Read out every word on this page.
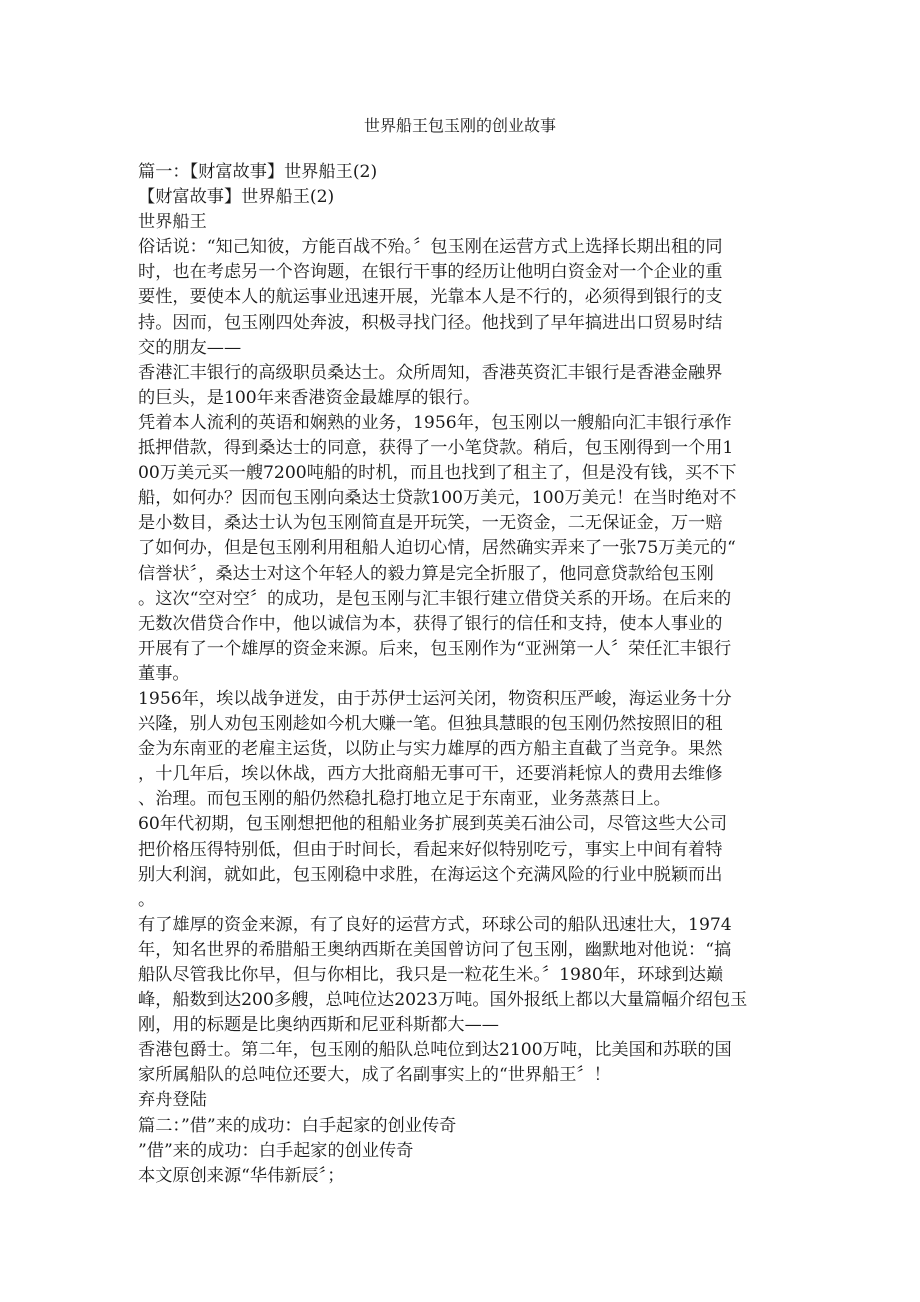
世界船王包玉刚的创业故事
篇一：【财富故事】世界船王(2)
【财富故事】世界船王(2)
世界船王
俗话说：“知己知彼，方能百战不殆。〞包玉刚在运营方式上选择长期出租的同
时，也在考虑另一个咨询题，在银行干事的经历让他明白资金对一个企业的重
要性，要使本人的航运事业迅速开展，光靠本人是不行的，必须得到银行的支
持。因而，包玉刚四处奔波，积极寻找门径。他找到了早年搞进出口贸易时结
交的朋友——
香港汇丰银行的高级职员桑达士。众所周知，香港英资汇丰银行是香港金融界
的巨头，是100年来香港资金最雄厚的银行。
凭着本人流利的英语和娴熟的业务，1956年，包玉刚以一艘船向汇丰银行承作
抵押借款，得到桑达士的同意，获得了一小笔贷款。稍后，包玉刚得到一个用1
00万美元买一艘7200吨船的时机，而且也找到了租主了，但是没有钱，买不下
船，如何办？因而包玉刚向桑达士贷款100万美元，100万美元！在当时绝对不
是小数目，桑达士认为包玉刚简直是开玩笑，一无资金，二无保证金，万一赔
了如何办，但是包玉刚利用租船人迫切心情，居然确实弄来了一张75万美元的“
信誉状〞，桑达士对这个年轻人的毅力算是完全折服了，他同意贷款给包玉刚
。这次“空对空〞的成功，是包玉刚与汇丰银行建立借贷关系的开场。在后来的
无数次借贷合作中，他以诚信为本，获得了银行的信任和支持，使本人事业的
开展有了一个雄厚的资金来源。后来，包玉刚作为“亚洲第一人〞荣任汇丰银行
董事。
1956年，埃以战争迸发，由于苏伊士运河关闭，物资积压严峻，海运业务十分
兴隆，别人劝包玉刚趁如今机大赚一笔。但独具慧眼的包玉刚仍然按照旧的租
金为东南亚的老雇主运货，以防止与实力雄厚的西方船主直截了当竞争。果然
，十几年后，埃以休战，西方大批商船无事可干，还要消耗惊人的费用去维修
、治理。而包玉刚的船仍然稳扎稳打地立足于东南亚，业务蒸蒸日上。
60年代初期，包玉刚想把他的租船业务扩展到英美石油公司，尽管这些大公司
把价格压得特别低，但由于时间长，看起来好似特别吃亏，事实上中间有着特
别大利润，就如此，包玉刚稳中求胜，在海运这个充满风险的行业中脱颖而出
。
有了雄厚的资金来源，有了良好的运营方式，环球公司的船队迅速壮大，1974
年，知名世界的希腊船王奥纳西斯在美国曾访问了包玉刚，幽默地对他说：“搞
船队尽管我比你早，但与你相比，我只是一粒花生米。〞1980年，环球到达巅
峰，船数到达200多艘，总吨位达2023万吨。国外报纸上都以大量篇幅介绍包玉
刚，用的标题是比奥纳西斯和尼亚科斯都大——
香港包爵士。第二年，包玉刚的船队总吨位到达2100万吨，比美国和苏联的国
家所属船队的总吨位还要大，成了名副事实上的“世界船王〞！
弃舟登陆
篇二：”借”来的成功：白手起家的创业传奇
”借”来的成功：白手起家的创业传奇
本文原创来源“华伟新辰〞；
